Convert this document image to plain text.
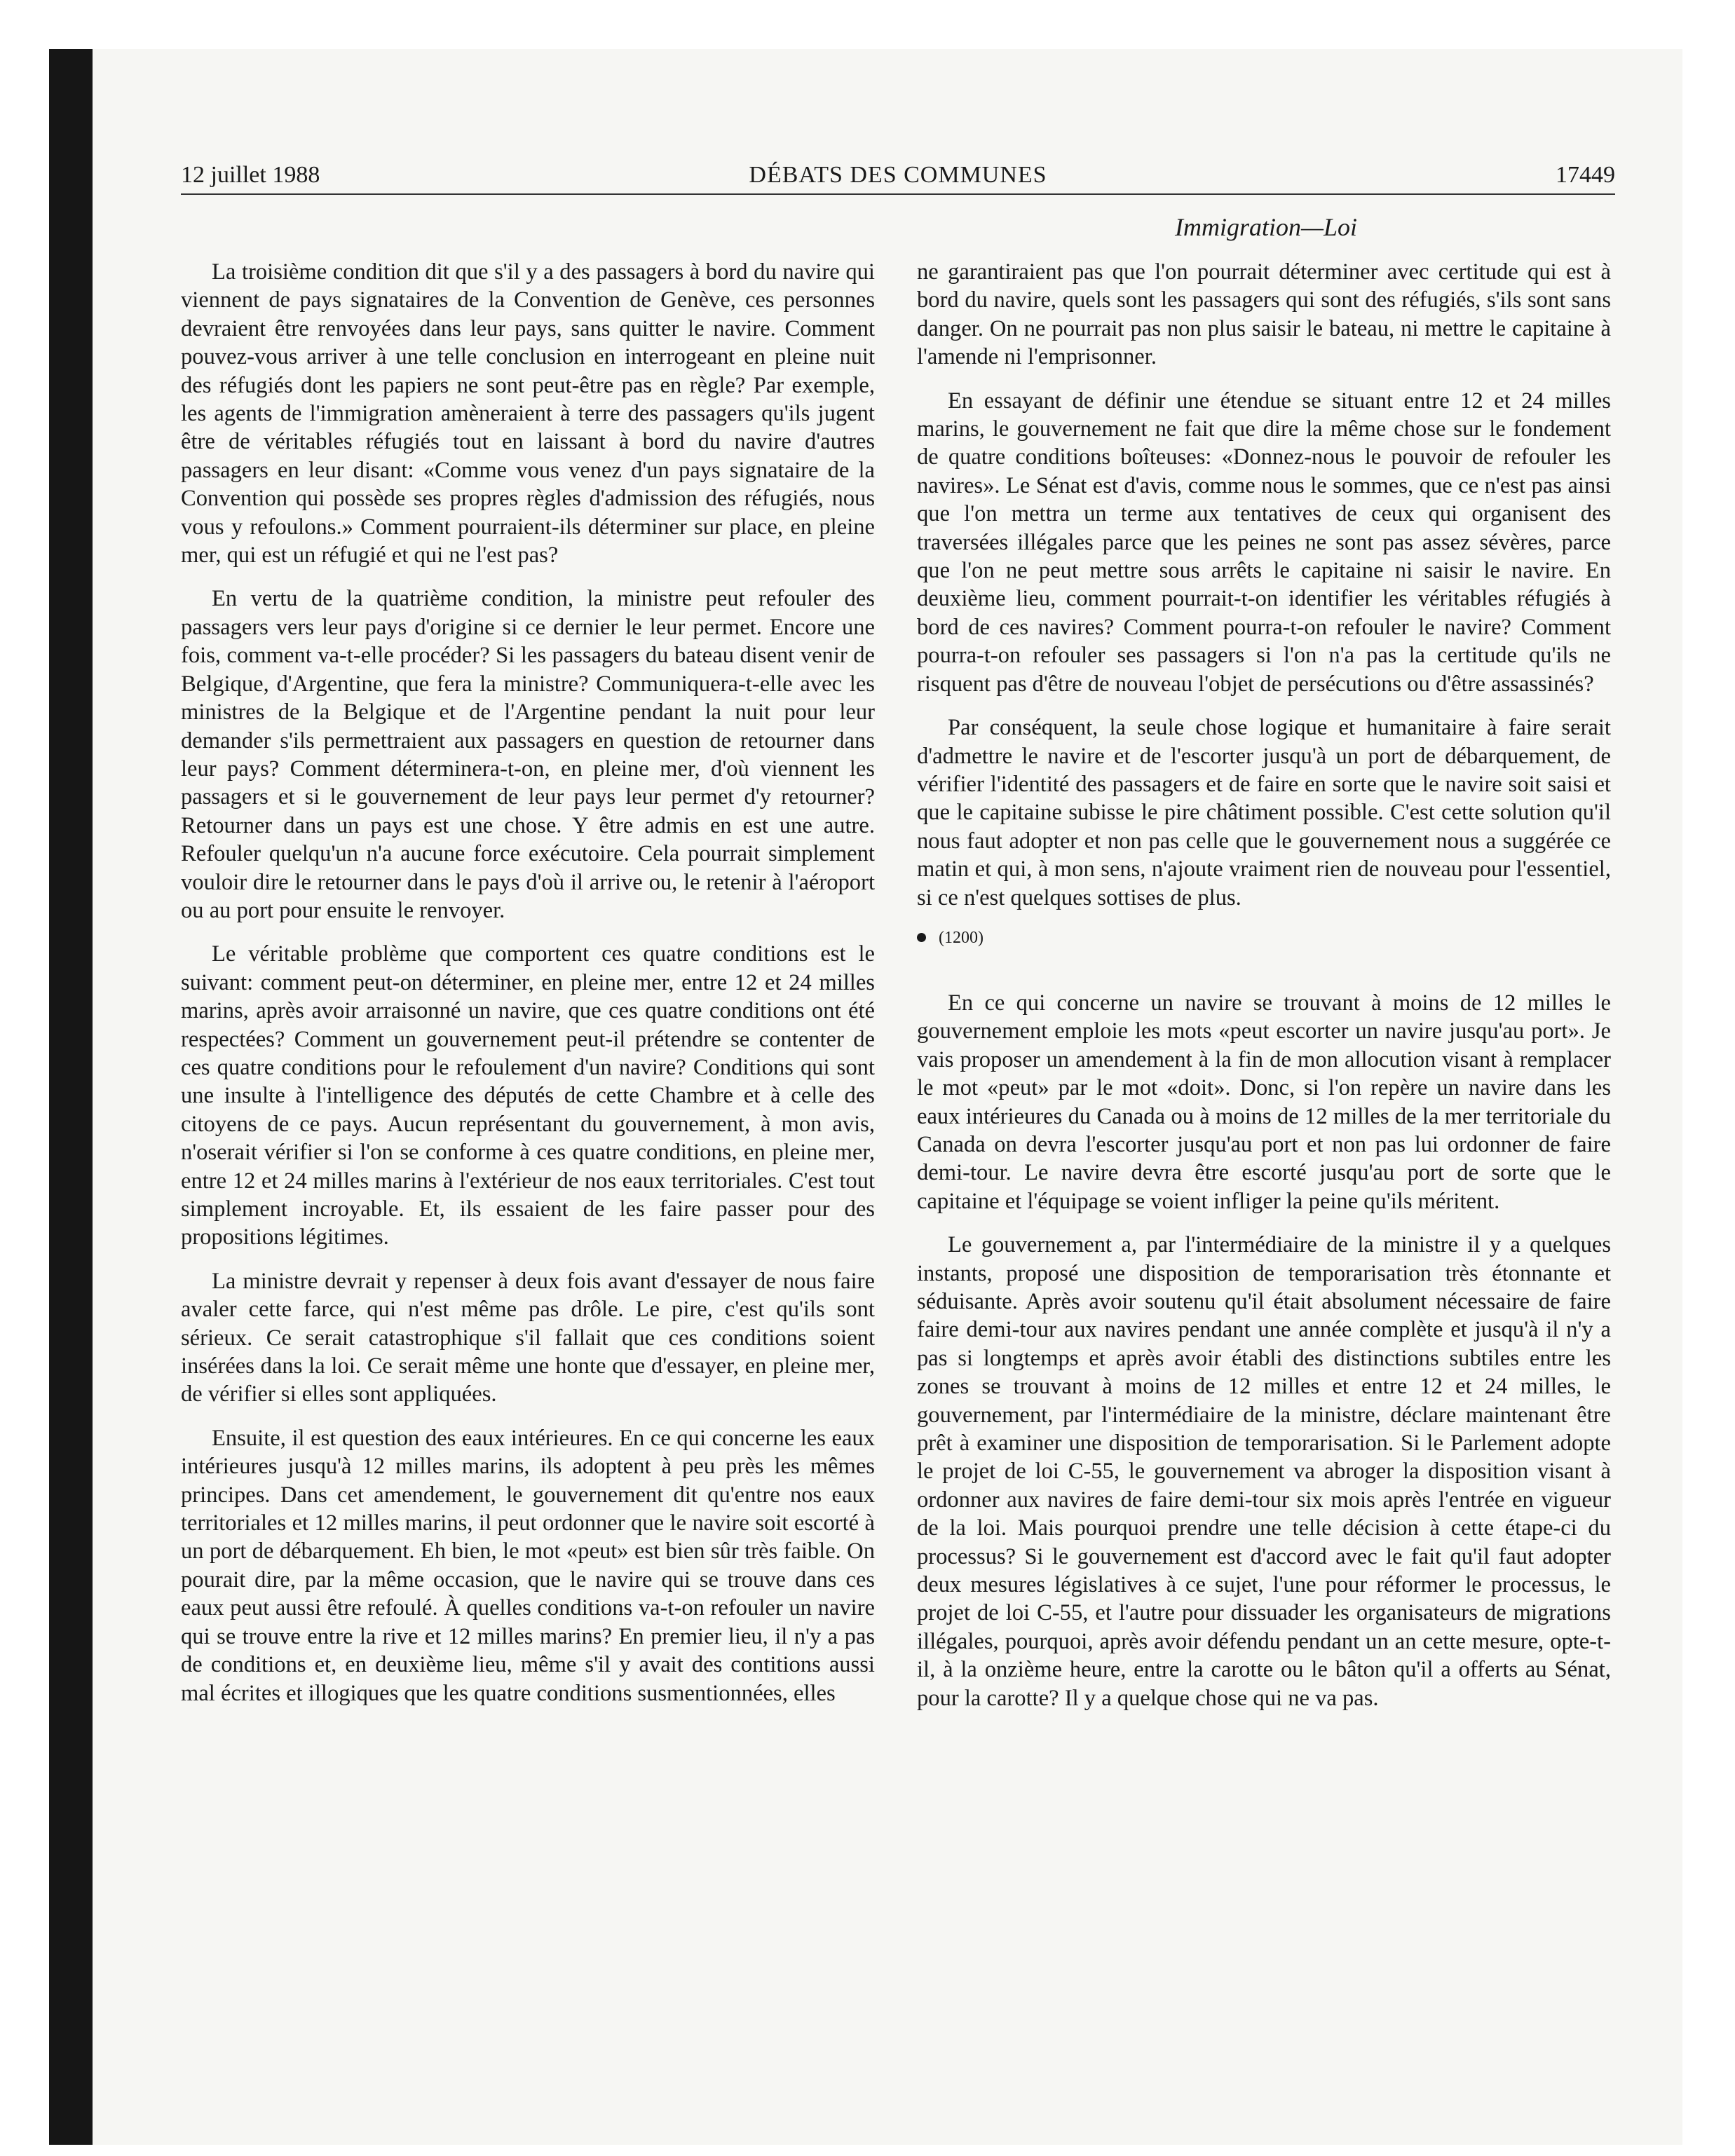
12 juillet 1988	DÉBATS DES COMMUNES	17449
Immigration—Loi

La troisième condition dit que s'il y a des passagers à bord du navire qui viennent de pays signataires de la Convention de Genève, ces personnes devraient être renvoyées dans leur pays, sans quitter le navire. Comment pouvez-vous arriver à une telle conclusion en interrogeant en pleine nuit des réfugiés dont les papiers ne sont peut-être pas en règle? Par exemple, les agents de l'immigration amèneraient à terre des passagers qu'ils jugent être de véritables réfugiés tout en laissant à bord du navire d'autres passagers en leur disant: «Comme vous venez d'un pays signataire de la Convention qui possède ses propres règles d'admission des réfugiés, nous vous y refoulons.» Comment pourraient-ils déterminer sur place, en pleine mer, qui est un réfugié et qui ne l'est pas?

En vertu de la quatrième condition, la ministre peut refouler des passagers vers leur pays d'origine si ce dernier le leur permet. Encore une fois, comment va-t-elle procéder? Si les passagers du bateau disent venir de Belgique, d'Argentine, que fera la ministre? Communiquera-t-elle avec les ministres de la Belgique et de l'Argentine pendant la nuit pour leur demander s'ils permettraient aux passagers en question de retourner dans leur pays? Comment déterminera-t-on, en pleine mer, d'où viennent les passagers et si le gouvernement de leur pays leur permet d'y retourner? Retourner dans un pays est une chose. Y être admis en est une autre. Refouler quelqu'un n'a aucune force exécutoire. Cela pourrait simplement vouloir dire le retourner dans le pays d'où il arrive ou, le retenir à l'aéroport ou au port pour ensuite le renvoyer.

Le véritable problème que comportent ces quatre conditions est le suivant: comment peut-on déterminer, en pleine mer, entre 12 et 24 milles marins, après avoir arraisonné un navire, que ces quatre conditions ont été respectées? Comment un gouvernement peut-il prétendre se contenter de ces quatre conditions pour le refoulement d'un navire? Conditions qui sont une insulte à l'intelligence des députés de cette Chambre et à celle des citoyens de ce pays. Aucun représentant du gouvernement, à mon avis, n'oserait vérifier si l'on se conforme à ces quatre conditions, en pleine mer, entre 12 et 24 milles marins à l'extérieur de nos eaux territoriales. C'est tout simplement incroyable. Et, ils essaient de les faire passer pour des propositions légitimes.

La ministre devrait y repenser à deux fois avant d'essayer de nous faire avaler cette farce, qui n'est même pas drôle. Le pire, c'est qu'ils sont sérieux. Ce serait catastrophique s'il fallait que ces conditions soient insérées dans la loi. Ce serait même une honte que d'essayer, en pleine mer, de vérifier si elles sont appliquées.

Ensuite, il est question des eaux intérieures. En ce qui concerne les eaux intérieures jusqu'à 12 milles marins, ils adoptent à peu près les mêmes principes. Dans cet amendement, le gouvernement dit qu'entre nos eaux territoriales et 12 milles marins, il peut ordonner que le navire soit escorté à un port de débarquement. Eh bien, le mot «peut» est bien sûr très faible. On pourait dire, par la même occasion, que le navire qui se trouve dans ces eaux peut aussi être refoulé. À quelles conditions va-t-on refouler un navire qui se trouve entre la rive et 12 milles marins? En premier lieu, il n'y a pas de conditions et, en deuxième lieu, même s'il y avait des contitions aussi mal écrites et illogiques que les quatre conditions susmentionnées, elles

ne garantiraient pas que l'on pourrait déterminer avec certitude qui est à bord du navire, quels sont les passagers qui sont des réfugiés, s'ils sont sans danger. On ne pourrait pas non plus saisir le bateau, ni mettre le capitaine à l'amende ni l'emprisonner.

En essayant de définir une étendue se situant entre 12 et 24 milles marins, le gouvernement ne fait que dire la même chose sur le fondement de quatre conditions boîteuses: «Donnez-nous le pouvoir de refouler les navires». Le Sénat est d'avis, comme nous le sommes, que ce n'est pas ainsi que l'on mettra un terme aux tentatives de ceux qui organisent des traversées illégales parce que les peines ne sont pas assez sévères, parce que l'on ne peut mettre sous arrêts le capitaine ni saisir le navire. En deuxième lieu, comment pourrait-t-on identifier les véritables réfugiés à bord de ces navires? Comment pourra-t-on refouler le navire? Comment pourra-t-on refouler ses passagers si l'on n'a pas la certitude qu'ils ne risquent pas d'être de nouveau l'objet de persécutions ou d'être assassinés?

Par conséquent, la seule chose logique et humanitaire à faire serait d'admettre le navire et de l'escorter jusqu'à un port de débarquement, de vérifier l'identité des passagers et de faire en sorte que le navire soit saisi et que le capitaine subisse le pire châtiment possible. C'est cette solution qu'il nous faut adopter et non pas celle que le gouvernement nous a suggérée ce matin et qui, à mon sens, n'ajoute vraiment rien de nouveau pour l'essentiel, si ce n'est quelques sottises de plus.

(1200)

En ce qui concerne un navire se trouvant à moins de 12 milles le gouvernement emploie les mots «peut escorter un navire jusqu'au port». Je vais proposer un amendement à la fin de mon allocution visant à remplacer le mot «peut» par le mot «doit». Donc, si l'on repère un navire dans les eaux intérieures du Canada ou à moins de 12 milles de la mer territoriale du Canada on devra l'escorter jusqu'au port et non pas lui ordonner de faire demi-tour. Le navire devra être escorté jusqu'au port de sorte que le capitaine et l'équipage se voient infliger la peine qu'ils méritent.

Le gouvernement a, par l'intermédiaire de la ministre il y a quelques instants, proposé une disposition de temporarisation très étonnante et séduisante. Après avoir soutenu qu'il était absolument nécessaire de faire faire demi-tour aux navires pendant une année complète et jusqu'à il n'y a pas si longtemps et après avoir établi des distinctions subtiles entre les zones se trouvant à moins de 12 milles et entre 12 et 24 milles, le gouvernement, par l'intermédiaire de la ministre, déclare maintenant être prêt à examiner une disposition de temporarisation. Si le Parlement adopte le projet de loi C-55, le gouvernement va abroger la disposition visant à ordonner aux navires de faire demi-tour six mois après l'entrée en vigueur de la loi. Mais pourquoi prendre une telle décision à cette étape-ci du processus? Si le gouvernement est d'accord avec le fait qu'il faut adopter deux mesures législatives à ce sujet, l'une pour réformer le processus, le projet de loi C-55, et l'autre pour dissuader les organisateurs de migrations illégales, pourquoi, après avoir défendu pendant un an cette mesure, opte-t-il, à la onzième heure, entre la carotte ou le bâton qu'il a offerts au Sénat, pour la carotte? Il y a quelque chose qui ne va pas.
